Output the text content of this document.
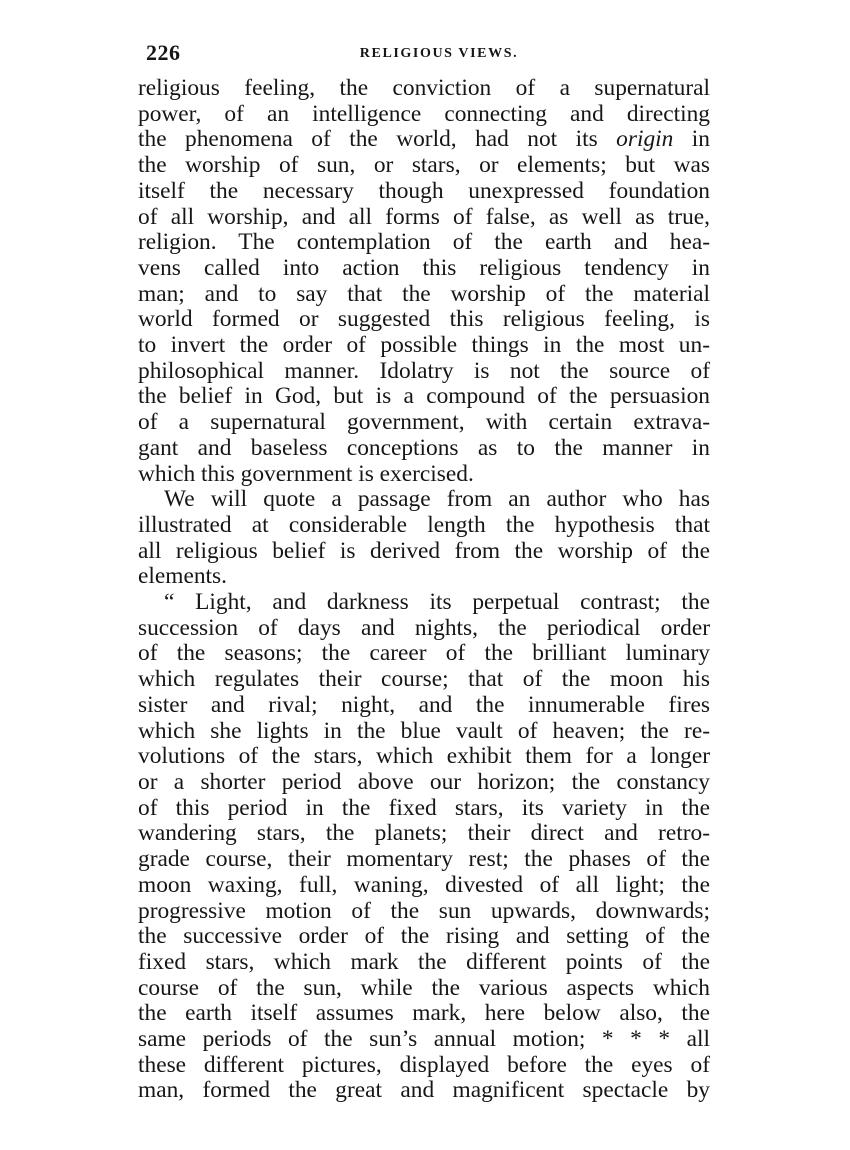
226	RELIGIOUS VIEWS.
religious feeling, the conviction of a supernatural
power, of an intelligence connecting and directing
the phenomena of the world, had not its origin in
the worship of sun, or stars, or elements; but was
itself the necessary though unexpressed foundation
of all worship, and all forms of false, as well as true,
religion. The contemplation of the earth and hea-
vens called into action this religious tendency in
man; and to say that the worship of the material
world formed or suggested this religious feeling, is
to invert the order of possible things in the most un-
philosophical manner. Idolatry is not the source of
the belief in God, but is a compound of the persuasion
of a supernatural government, with certain extrava-
gant and baseless conceptions as to the manner in
which this government is exercised.
We will quote a passage from an author who has
illustrated at considerable length the hypothesis that
all religious belief is derived from the worship of the
elements.
“ Light, and darkness its perpetual contrast; the
succession of days and nights, the periodical order
of the seasons; the career of the brilliant luminary
which regulates their course; that of the moon his
sister and rival; night, and the innumerable fires
which she lights in the blue vault of heaven; the re-
volutions of the stars, which exhibit them for a longer
or a shorter period above our horizon; the constancy
of this period in the fixed stars, its variety in the
wandering stars, the planets; their direct and retro-
grade course, their momentary rest; the phases of the
moon waxing, full, waning, divested of all light; the
progressive motion of the sun upwards, downwards;
the successive order of the rising and setting of the
fixed stars, which mark the different points of the
course of the sun, while the various aspects which
the earth itself assumes mark, here below also, the
same periods of the sun’s annual motion; * * * all
these different pictures, displayed before the eyes of
man, formed the great and magnificent spectacle by
